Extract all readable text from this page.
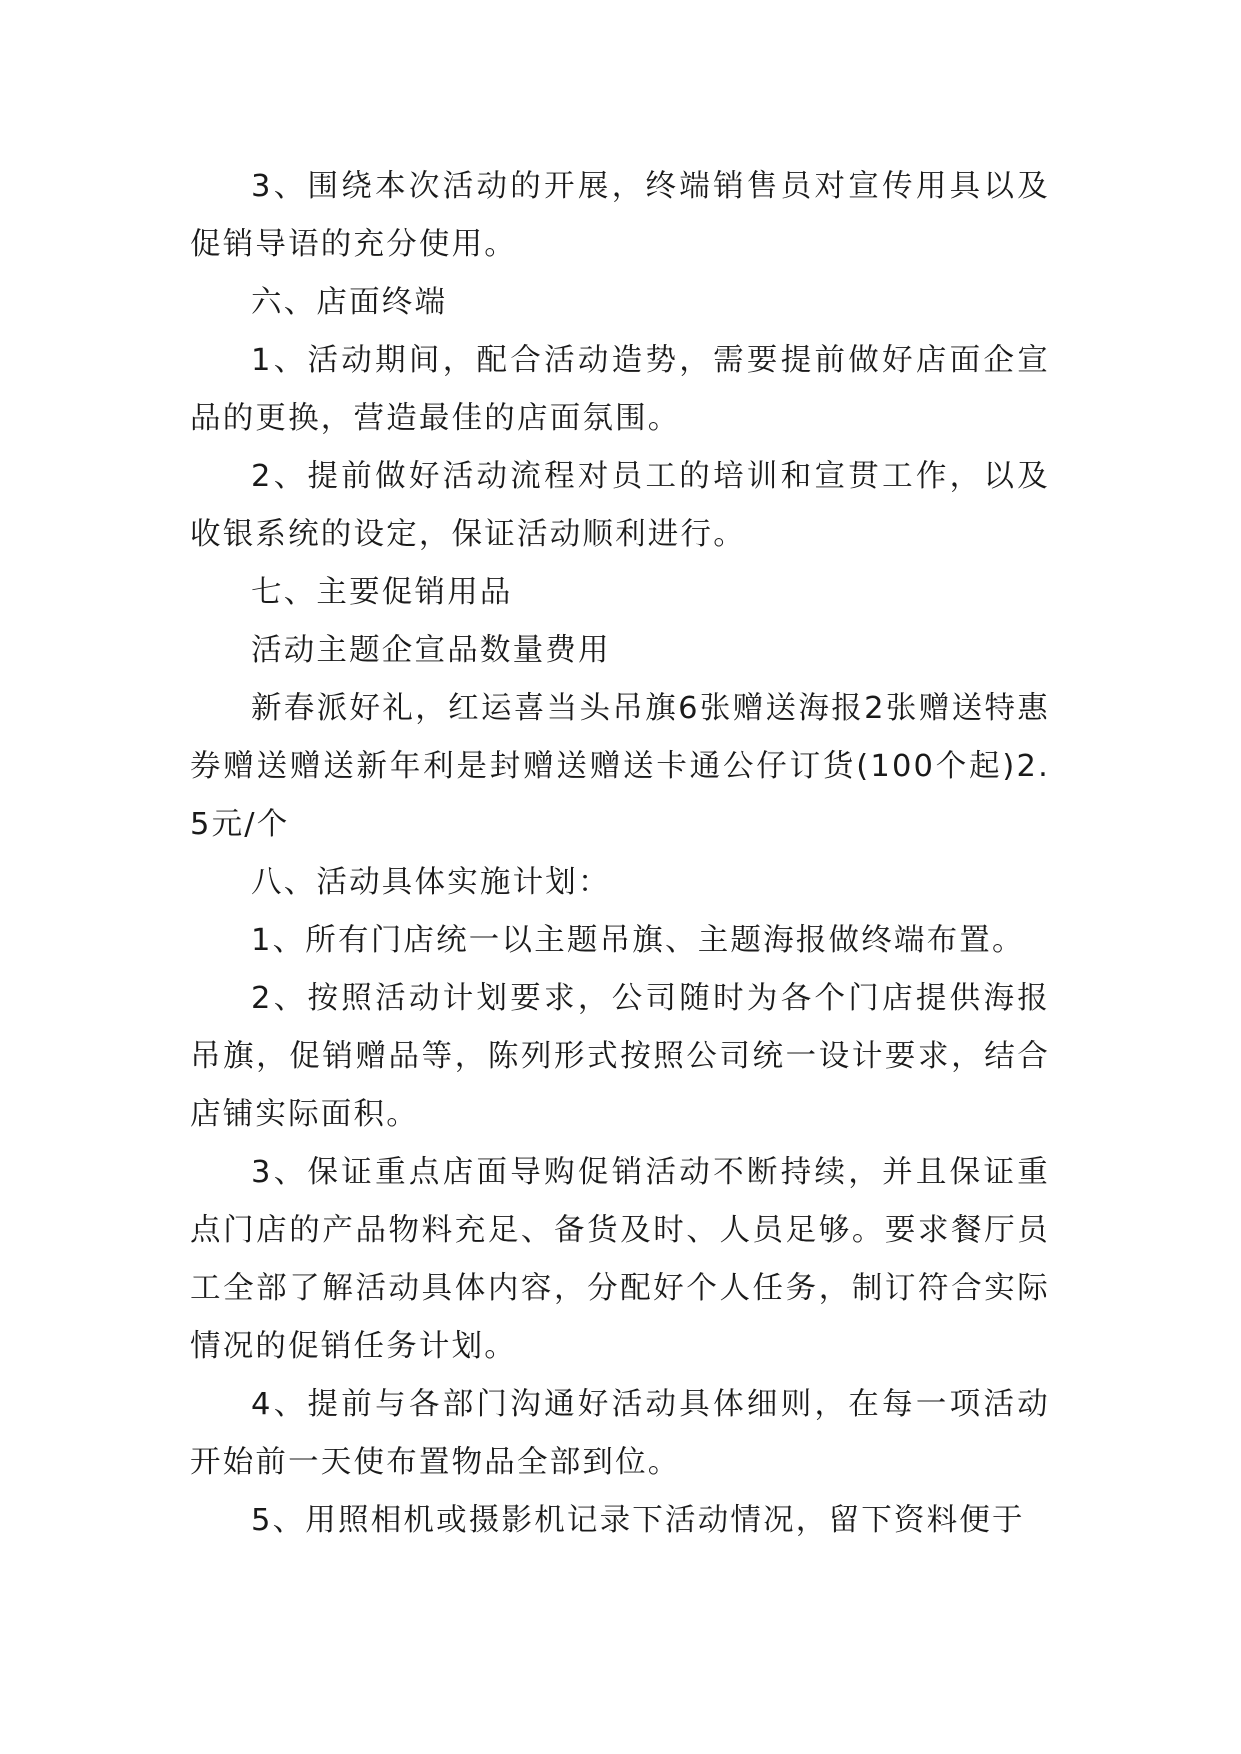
3、围绕本次活动的开展，终端销售员对宣传用具以及促销导语的充分使用。

六、店面终端

1、活动期间，配合活动造势，需要提前做好店面企宣品的更换，营造最佳的店面氛围。

2、提前做好活动流程对员工的培训和宣贯工作，以及收银系统的设定，保证活动顺利进行。

七、主要促销用品

活动主题企宣品数量费用

新春派好礼，红运喜当头吊旗6张赠送海报2张赠送特惠券赠送赠送新年利是封赠送赠送卡通公仔订货(100个起)2.5元/个

八、活动具体实施计划：

1、所有门店统一以主题吊旗、主题海报做终端布置。

2、按照活动计划要求，公司随时为各个门店提供海报吊旗，促销赠品等，陈列形式按照公司统一设计要求，结合店铺实际面积。

3、保证重点店面导购促销活动不断持续，并且保证重点门店的产品物料充足、备货及时、人员足够。要求餐厅员工全部了解活动具体内容，分配好个人任务，制订符合实际情况的促销任务计划。

4、提前与各部门沟通好活动具体细则，在每一项活动开始前一天使布置物品全部到位。

5、用照相机或摄影机记录下活动情况，留下资料便于
